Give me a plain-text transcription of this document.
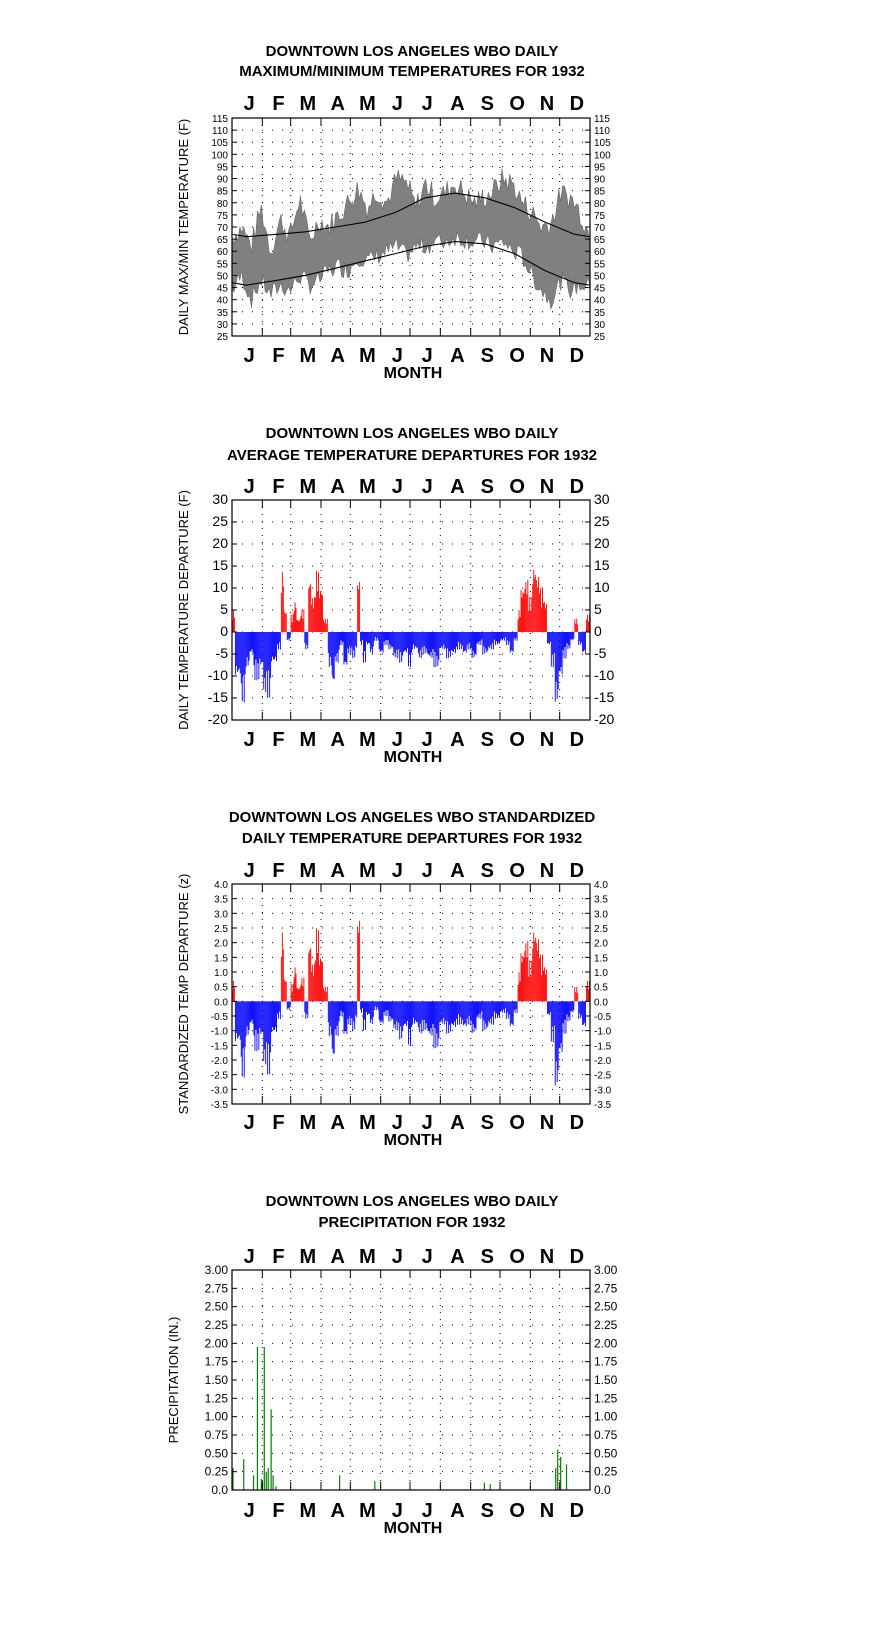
DOWNTOWN LOS ANGELES WBO DAILY
MAXIMUM/MINIMUM TEMPERATURES FOR 1932
J
J
F
F
M
M
A
A
M
M
J
J
J
J
A
A
S
S
O
O
N
N
D
D
MONTH
DAILY MAX/MIN TEMPERATURE (F)
25	25
30	30
35	35
40	40
45	45
50	50
55	55
60	60
65	65
70	70
75	75
80	80
85	85
90	90
95	95
100	100
105	105
110	110
115	115
DOWNTOWN LOS ANGELES WBO DAILY
AVERAGE TEMPERATURE DEPARTURES FOR 1932
J
J
F
F
M
M
A
A
M
M
J
J
J
J
A
A
S
S
O
O
N
N
D
D
MONTH
DAILY TEMPERATURE DEPARTURE (F) 30	30
25	25
20	20
15	15
10	10
5	5
0	0
-5	-5
-10	-10
-15	-15
-20	-20
DOWNTOWN LOS ANGELES WBO STANDARDIZED
DAILY TEMPERATURE DEPARTURES FOR 1932
J
J
F
F
M
M
A
A
M
M
J
J
J
J
A
A
S
S
O
O
N
N
D
D
MONTH
STANDARDIZED TEMP DEPARTURE (z) 4.0	4.0
3.5	3.5
3.0	3.0
2.5	2.5
2.0	2.0
1.5	1.5
1.0	1.0
0.5	0.5
0.0	0.0
-0.5	-0.5
-1.0	-1.0
-1.5	-1.5
-2.0	-2.0
-2.5	-2.5
-3.0	-3.0
-3.5	-3.5
DOWNTOWN LOS ANGELES WBO DAILY
PRECIPITATION FOR 1932
J
J
F
F
M
M
A
A
M
M
J
J
J
J
A
A
S
S
O
O
N
N
D
D
MONTH
PRECIPITATION (IN.)
3.00	3.00
2.75	2.75
2.50	2.50
2.25	2.25
2.00	2.00
1.75	1.75
1.50	1.50
1.25	1.25
1.00	1.00
0.75	0.75
0.50	0.50
0.25	0.25
0.0	0.0
